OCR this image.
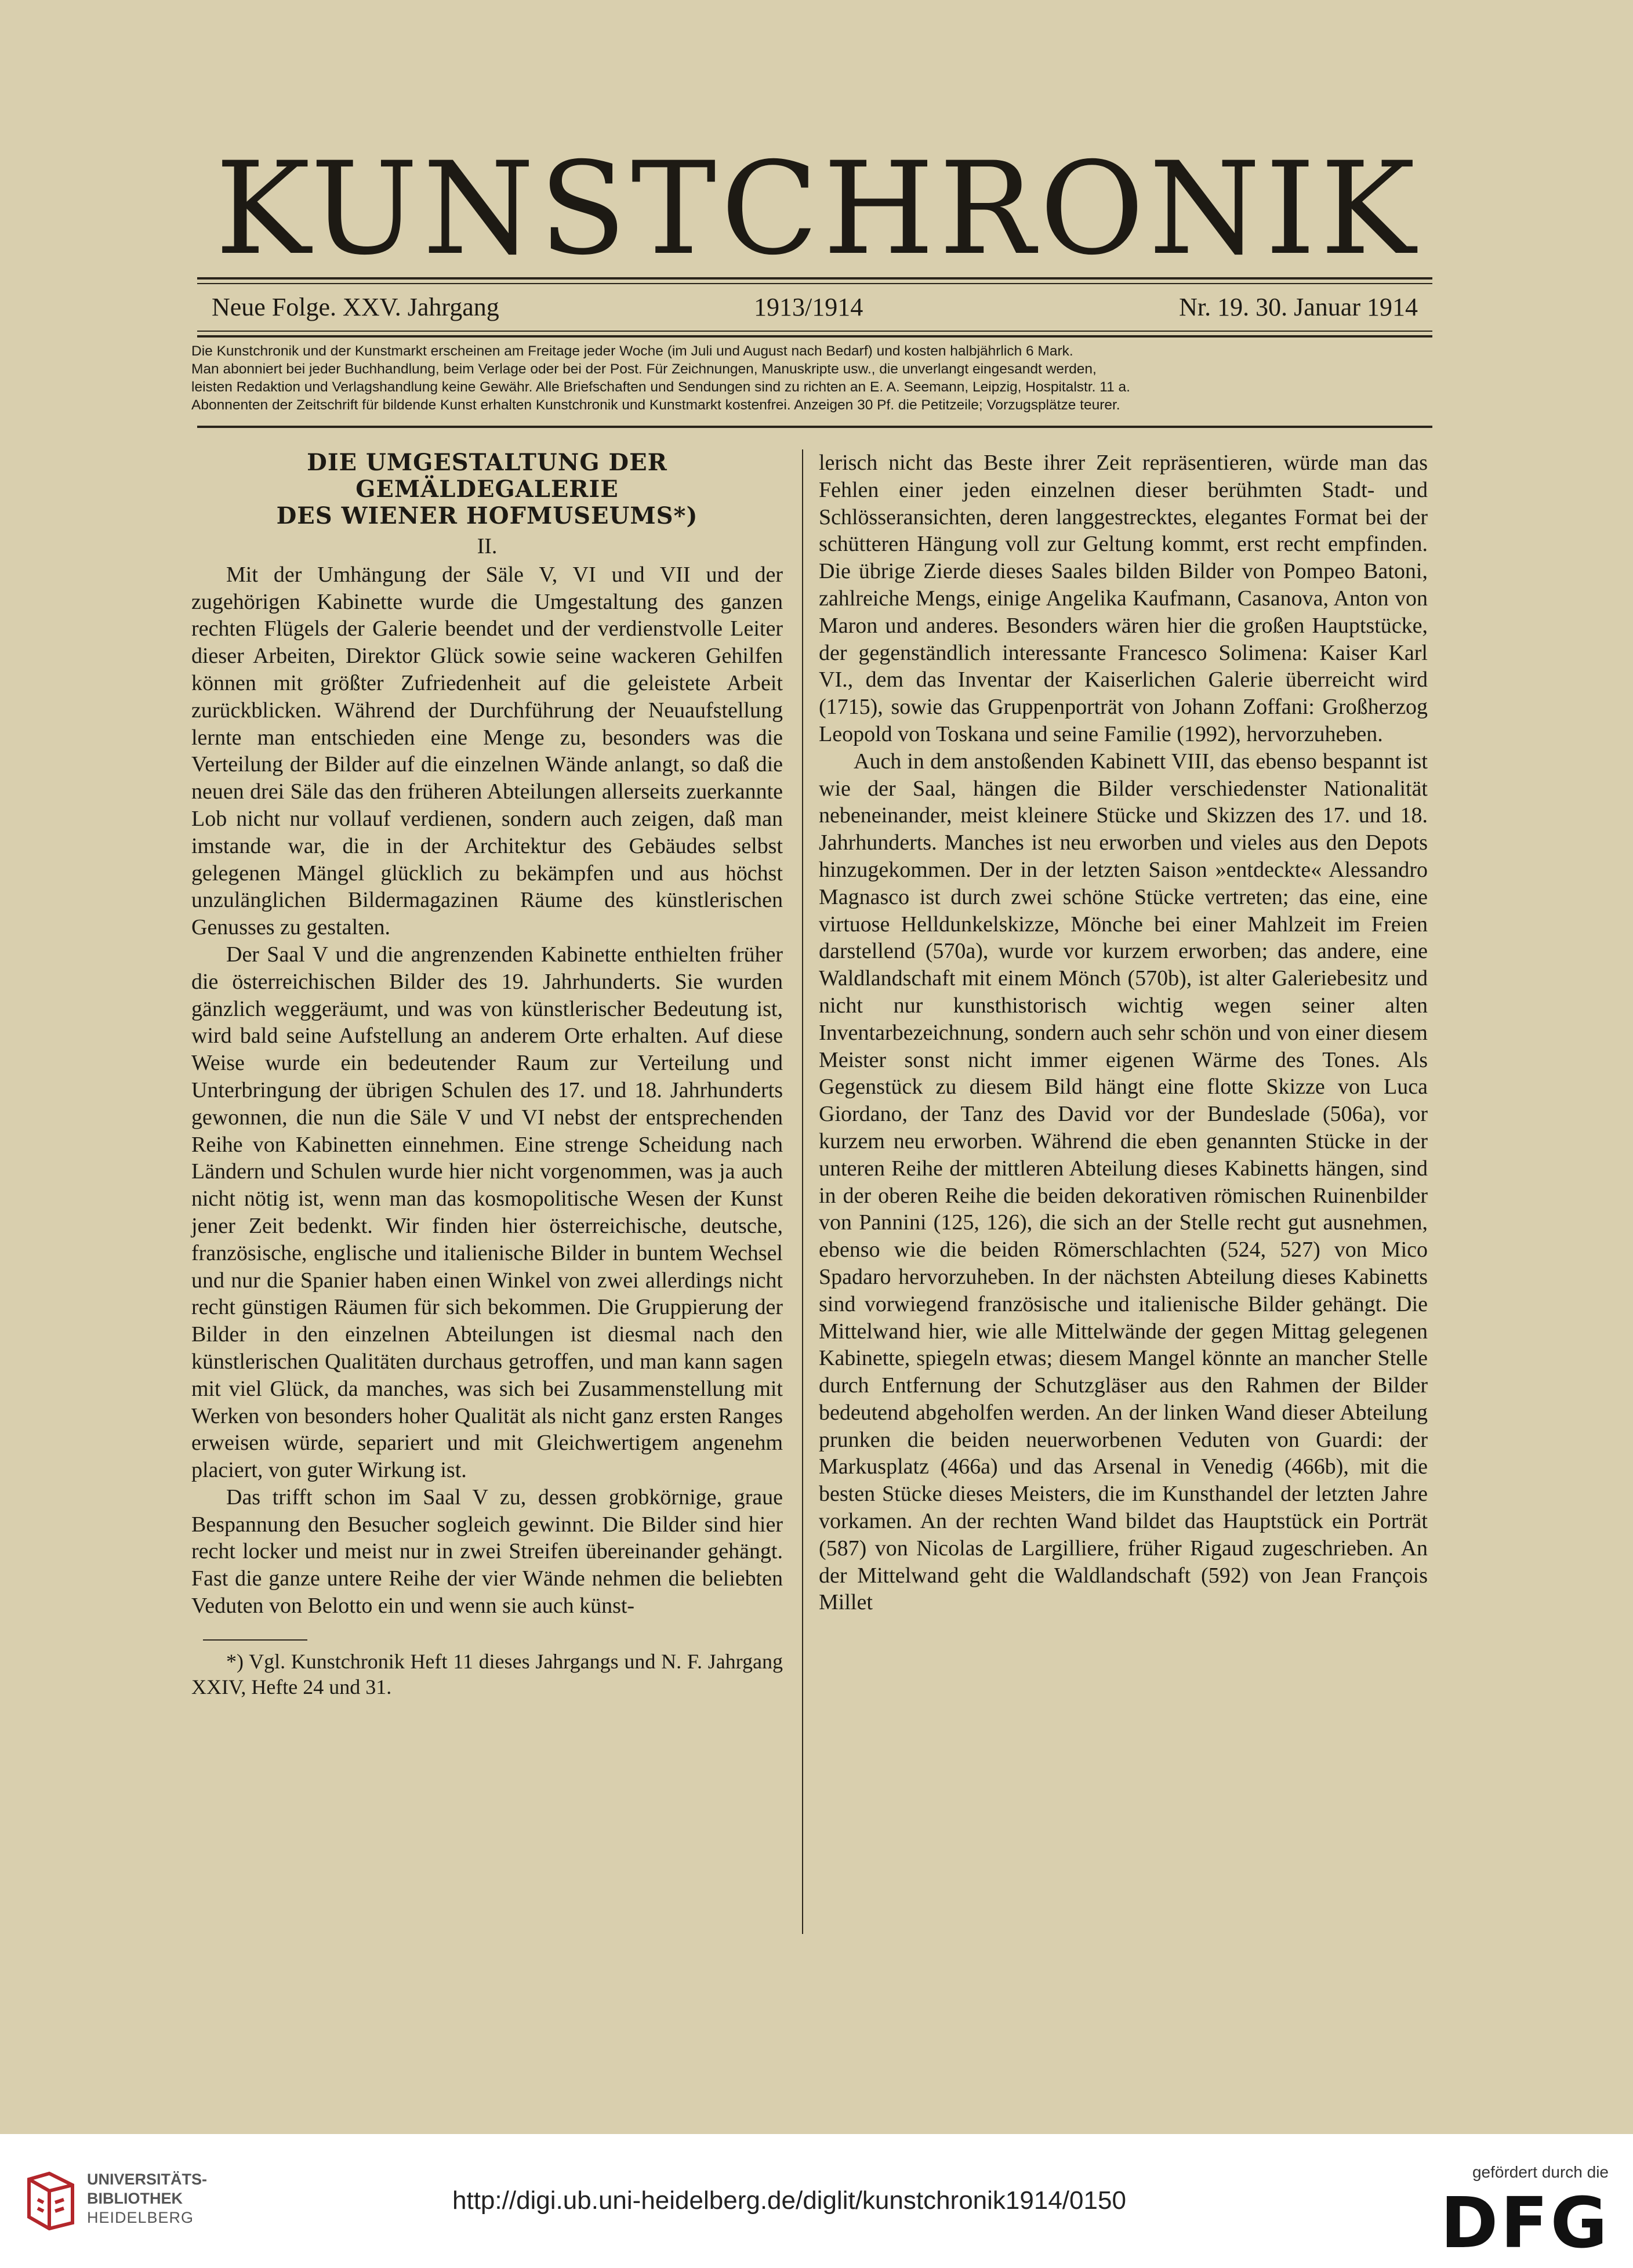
KUNSTCHRONIK
Neue Folge. XXV. Jahrgang	1913/1914	Nr. 19. 30. Januar 1914
Die Kunstchronik und der Kunstmarkt erscheinen am Freitage jeder Woche (im Juli und August nach Bedarf) und kosten halbjährlich 6 Mark.
Man abonniert bei jeder Buchhandlung, beim Verlage oder bei der Post. Für Zeichnungen, Manuskripte usw., die unverlangt eingesandt werden,
leisten Redaktion und Verlagshandlung keine Gewähr. Alle Briefschaften und Sendungen sind zu richten an E. A. Seemann, Leipzig, Hospitalstr. 11 a.
Abonnenten der Zeitschrift für bildende Kunst erhalten Kunstchronik und Kunstmarkt kostenfrei. Anzeigen 30 Pf. die Petitzeile; Vorzugsplätze teurer.
DIE UMGESTALTUNG DER GEMÄLDEGALERIE
DES WIENER HOFMUSEUMS*)
II.

Mit der Umhängung der Säle V, VI und VII und der zugehörigen Kabinette wurde die Umgestaltung des ganzen rechten Flügels der Galerie beendet und der verdienstvolle Leiter dieser Arbeiten, Direktor Glück sowie seine wackeren Gehilfen können mit größter Zufriedenheit auf die geleistete Arbeit zurückblicken. Während der Durchführung der Neuaufstellung lernte man entschieden eine Menge zu, besonders was die Verteilung der Bilder auf die einzelnen Wände anlangt, so daß die neuen drei Säle das den früheren Abteilungen allerseits zuerkannte Lob nicht nur vollauf verdienen, sondern auch zeigen, daß man imstande war, die in der Architektur des Gebäudes selbst gelegenen Mängel glücklich zu bekämpfen und aus höchst unzulänglichen Bildermagazinen Räume des künstlerischen Genusses zu gestalten.

Der Saal V und die angrenzenden Kabinette enthielten früher die österreichischen Bilder des 19. Jahrhunderts. Sie wurden gänzlich weggeräumt, und was von künstlerischer Bedeutung ist, wird bald seine Aufstellung an anderem Orte erhalten. Auf diese Weise wurde ein bedeutender Raum zur Verteilung und Unterbringung der übrigen Schulen des 17. und 18. Jahrhunderts gewonnen, die nun die Säle V und VI nebst der entsprechenden Reihe von Kabinetten einnehmen. Eine strenge Scheidung nach Ländern und Schulen wurde hier nicht vorgenommen, was ja auch nicht nötig ist, wenn man das kosmopolitische Wesen der Kunst jener Zeit bedenkt. Wir finden hier österreichische, deutsche, französische, englische und italienische Bilder in buntem Wechsel und nur die Spanier haben einen Winkel von zwei allerdings nicht recht günstigen Räumen für sich bekommen. Die Gruppierung der Bilder in den einzelnen Abteilungen ist diesmal nach den künstlerischen Qualitäten durchaus getroffen, und man kann sagen mit viel Glück, da manches, was sich bei Zusammenstellung mit Werken von besonders hoher Qualität als nicht ganz ersten Ranges erweisen würde, separiert und mit Gleichwertigem angenehm placiert, von guter Wirkung ist.

Das trifft schon im Saal V zu, dessen grobkörnige, graue Bespannung den Besucher sogleich gewinnt. Die Bilder sind hier recht locker und meist nur in zwei Streifen übereinander gehängt. Fast die ganze untere Reihe der vier Wände nehmen die beliebten Veduten von Belotto ein und wenn sie auch künst-

*) Vgl. Kunstchronik Heft 11 dieses Jahrgangs und N. F. Jahrgang XXIV, Hefte 24 und 31.

lerisch nicht das Beste ihrer Zeit repräsentieren, würde man das Fehlen einer jeden einzelnen dieser berühmten Stadt- und Schlösseransichten, deren langgestrecktes, elegantes Format bei der schütteren Hängung voll zur Geltung kommt, erst recht empfinden. Die übrige Zierde dieses Saales bilden Bilder von Pompeo Batoni, zahlreiche Mengs, einige Angelika Kaufmann, Casanova, Anton von Maron und anderes. Besonders wären hier die großen Hauptstücke, der gegenständlich interessante Francesco Solimena: Kaiser Karl VI., dem das Inventar der Kaiserlichen Galerie überreicht wird (1715), sowie das Gruppenporträt von Johann Zoffani: Großherzog Leopold von Toskana und seine Familie (1992), hervorzuheben.

Auch in dem anstoßenden Kabinett VIII, das ebenso bespannt ist wie der Saal, hängen die Bilder verschiedenster Nationalität nebeneinander, meist kleinere Stücke und Skizzen des 17. und 18. Jahrhunderts. Manches ist neu erworben und vieles aus den Depots hinzugekommen. Der in der letzten Saison »entdeckte« Alessandro Magnasco ist durch zwei schöne Stücke vertreten; das eine, eine virtuose Helldunkelskizze, Mönche bei einer Mahlzeit im Freien darstellend (570a), wurde vor kurzem erworben; das andere, eine Waldlandschaft mit einem Mönch (570b), ist alter Galeriebesitz und nicht nur kunsthistorisch wichtig wegen seiner alten Inventarbezeichnung, sondern auch sehr schön und von einer diesem Meister sonst nicht immer eigenen Wärme des Tones. Als Gegenstück zu diesem Bild hängt eine flotte Skizze von Luca Giordano, der Tanz des David vor der Bundeslade (506a), vor kurzem neu erworben. Während die eben genannten Stücke in der unteren Reihe der mittleren Abteilung dieses Kabinetts hängen, sind in der oberen Reihe die beiden dekorativen römischen Ruinenbilder von Pannini (125, 126), die sich an der Stelle recht gut ausnehmen, ebenso wie die beiden Römerschlachten (524, 527) von Mico Spadaro hervorzuheben. In der nächsten Abteilung dieses Kabinetts sind vorwiegend französische und italienische Bilder gehängt. Die Mittelwand hier, wie alle Mittelwände der gegen Mittag gelegenen Kabinette, spiegeln etwas; diesem Mangel könnte an mancher Stelle durch Entfernung der Schutzgläser aus den Rahmen der Bilder bedeutend abgeholfen werden. An der linken Wand dieser Abteilung prunken die beiden neuerworbenen Veduten von Guardi: der Markusplatz (466a) und das Arsenal in Venedig (466b), mit die besten Stücke dieses Meisters, die im Kunsthandel der letzten Jahre vorkamen. An der rechten Wand bildet das Hauptstück ein Porträt (587) von Nicolas de Largilliere, früher Rigaud zugeschrieben. An der Mittelwand geht die Waldlandschaft (592) von Jean François Millet

UNIVERSITÄTS-
BIBLIOTHEK
HEIDELBERG
http://digi.ub.uni-heidelberg.de/diglit/kunstchronik1914/0150
gefördert durch die
DFG
